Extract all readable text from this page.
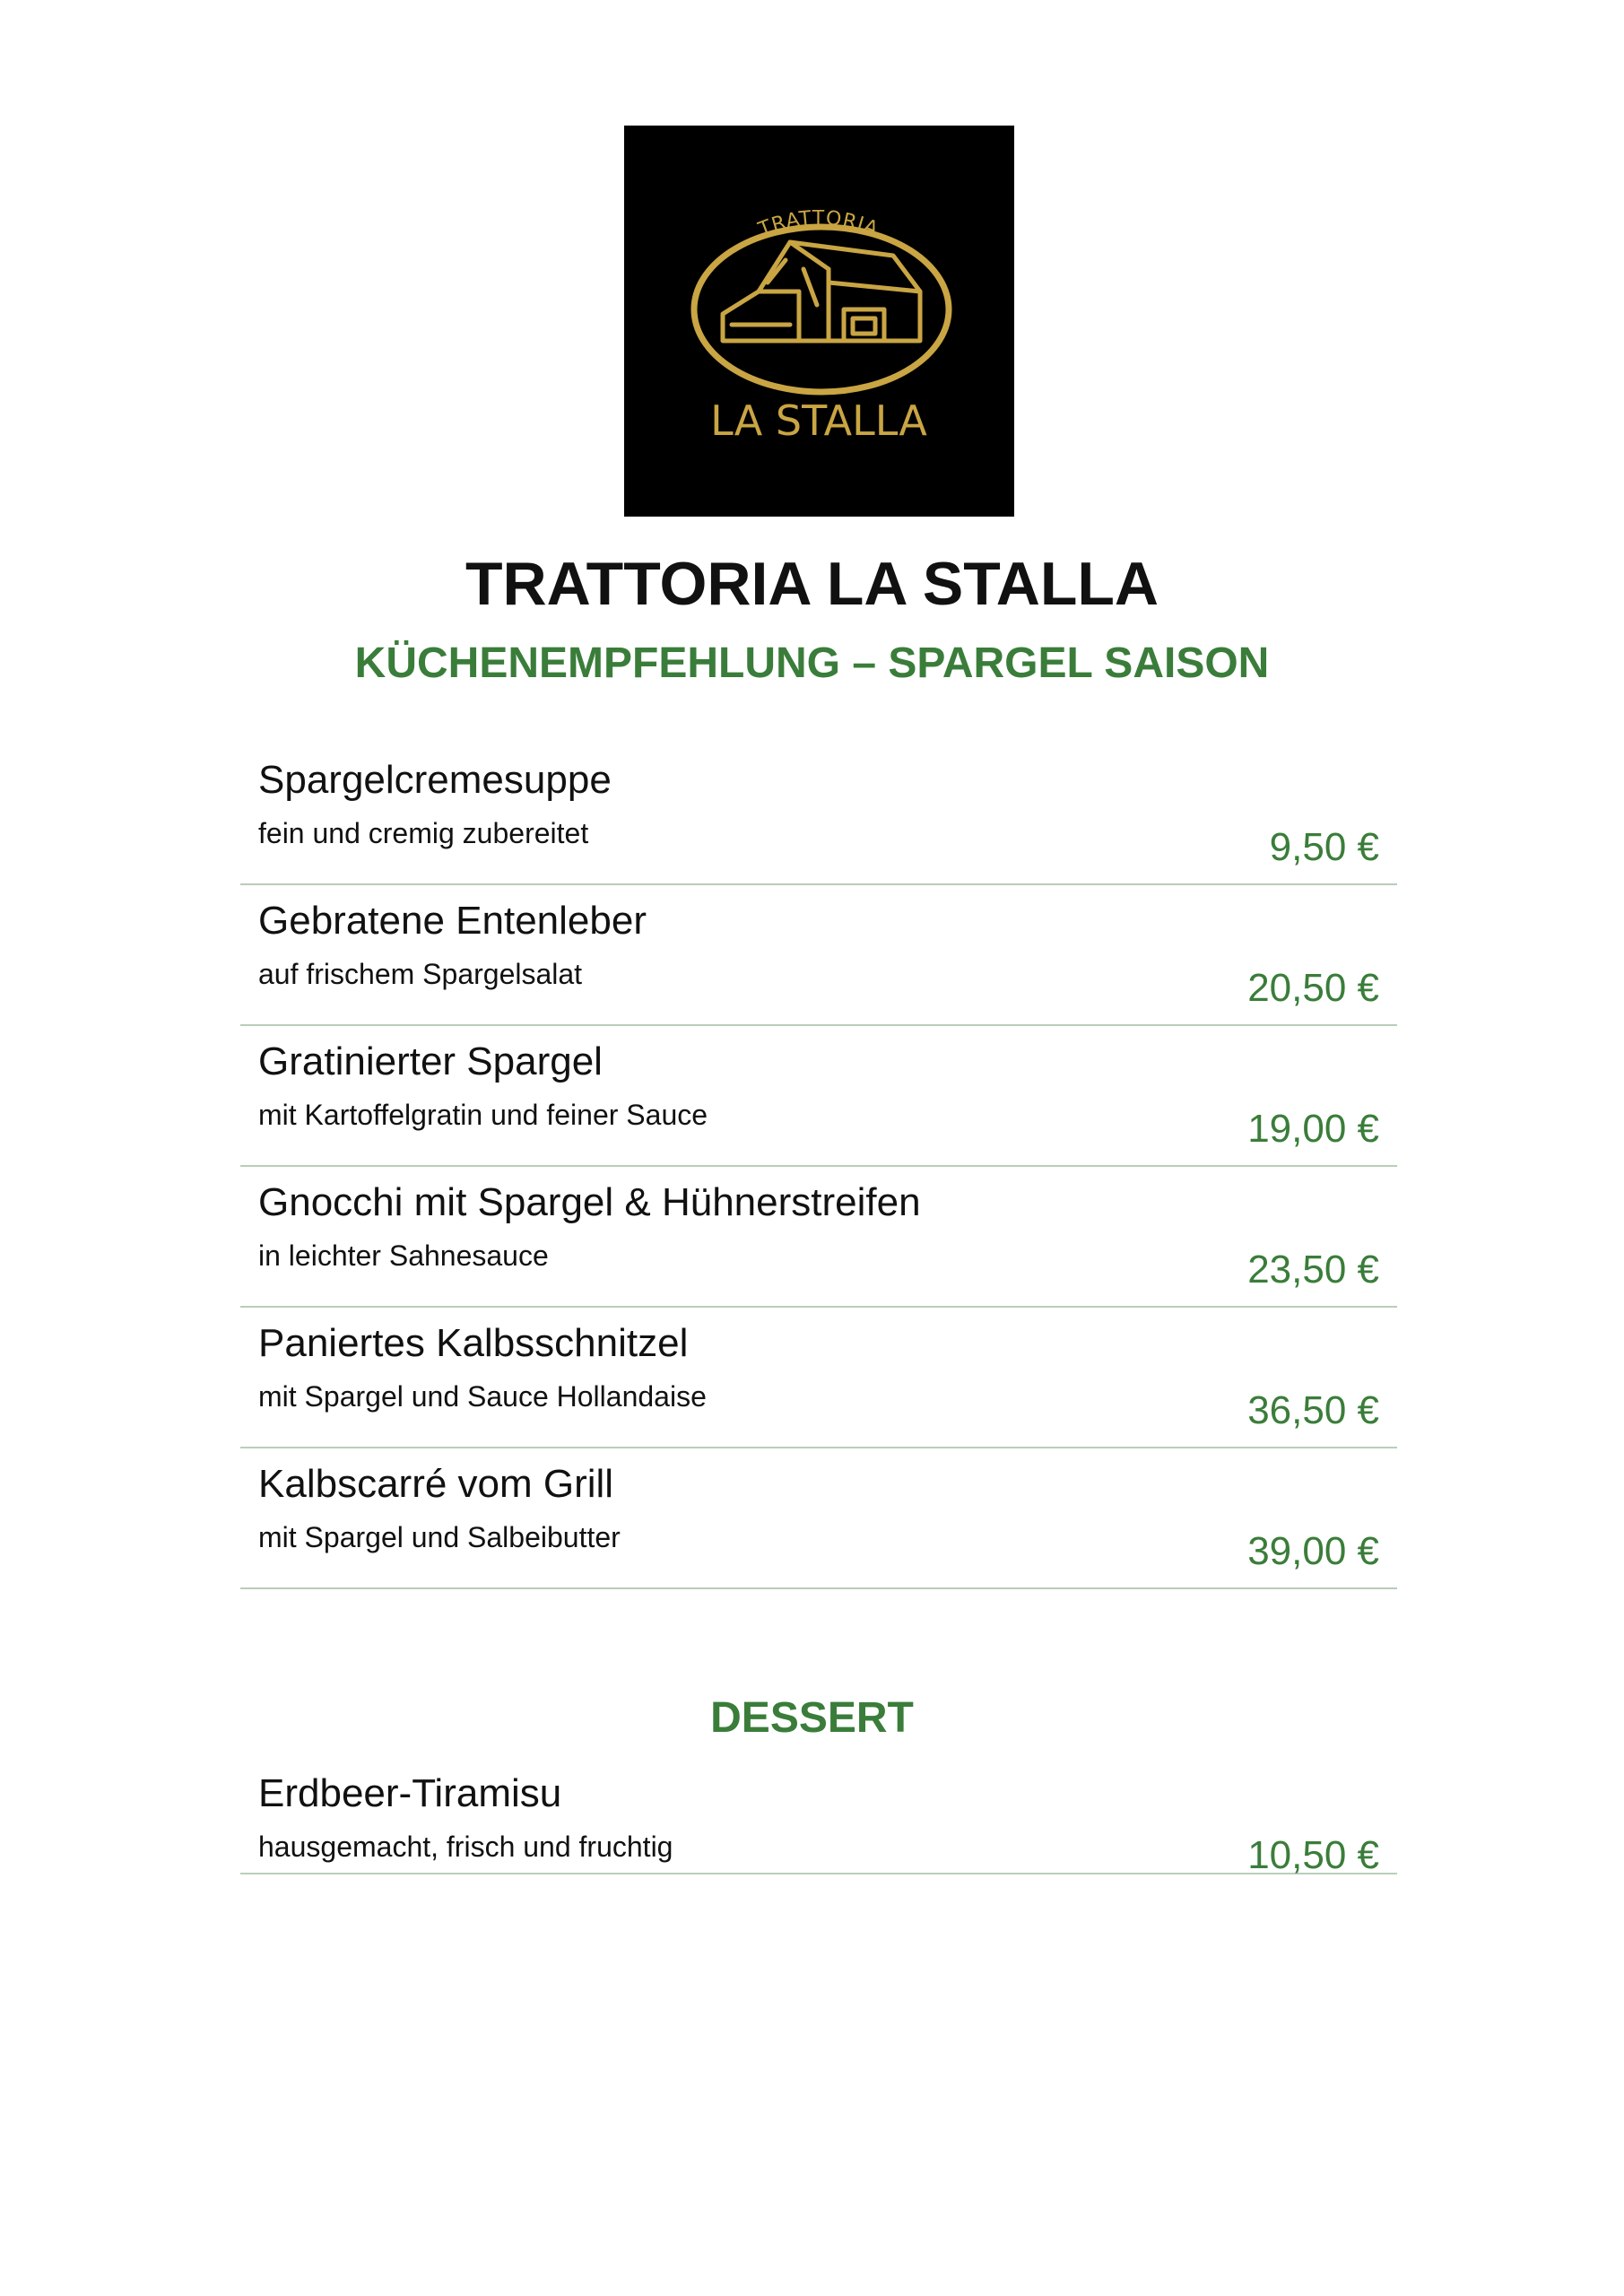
TRATTORIA
LA STALLA
TRATTORIA LA STALLA
KÜCHENEMPFEHLUNG – SPARGEL SAISON
Spargelcremesuppe
fein und cremig zubereitet	9,50 €
Gebratene Entenleber
auf frischem Spargelsalat	20,50 €
Gratinierter Spargel
mit Kartoffelgratin und feiner Sauce	19,00 €
Gnocchi mit Spargel & Hühnerstreifen
in leichter Sahnesauce	23,50 €
Paniertes Kalbsschnitzel
mit Spargel und Sauce Hollandaise	36,50 €
Kalbscarré vom Grill
mit Spargel und Salbeibutter	39,00 €
DESSERT
Erdbeer-Tiramisu
hausgemacht, frisch und fruchtig	10,50 €
